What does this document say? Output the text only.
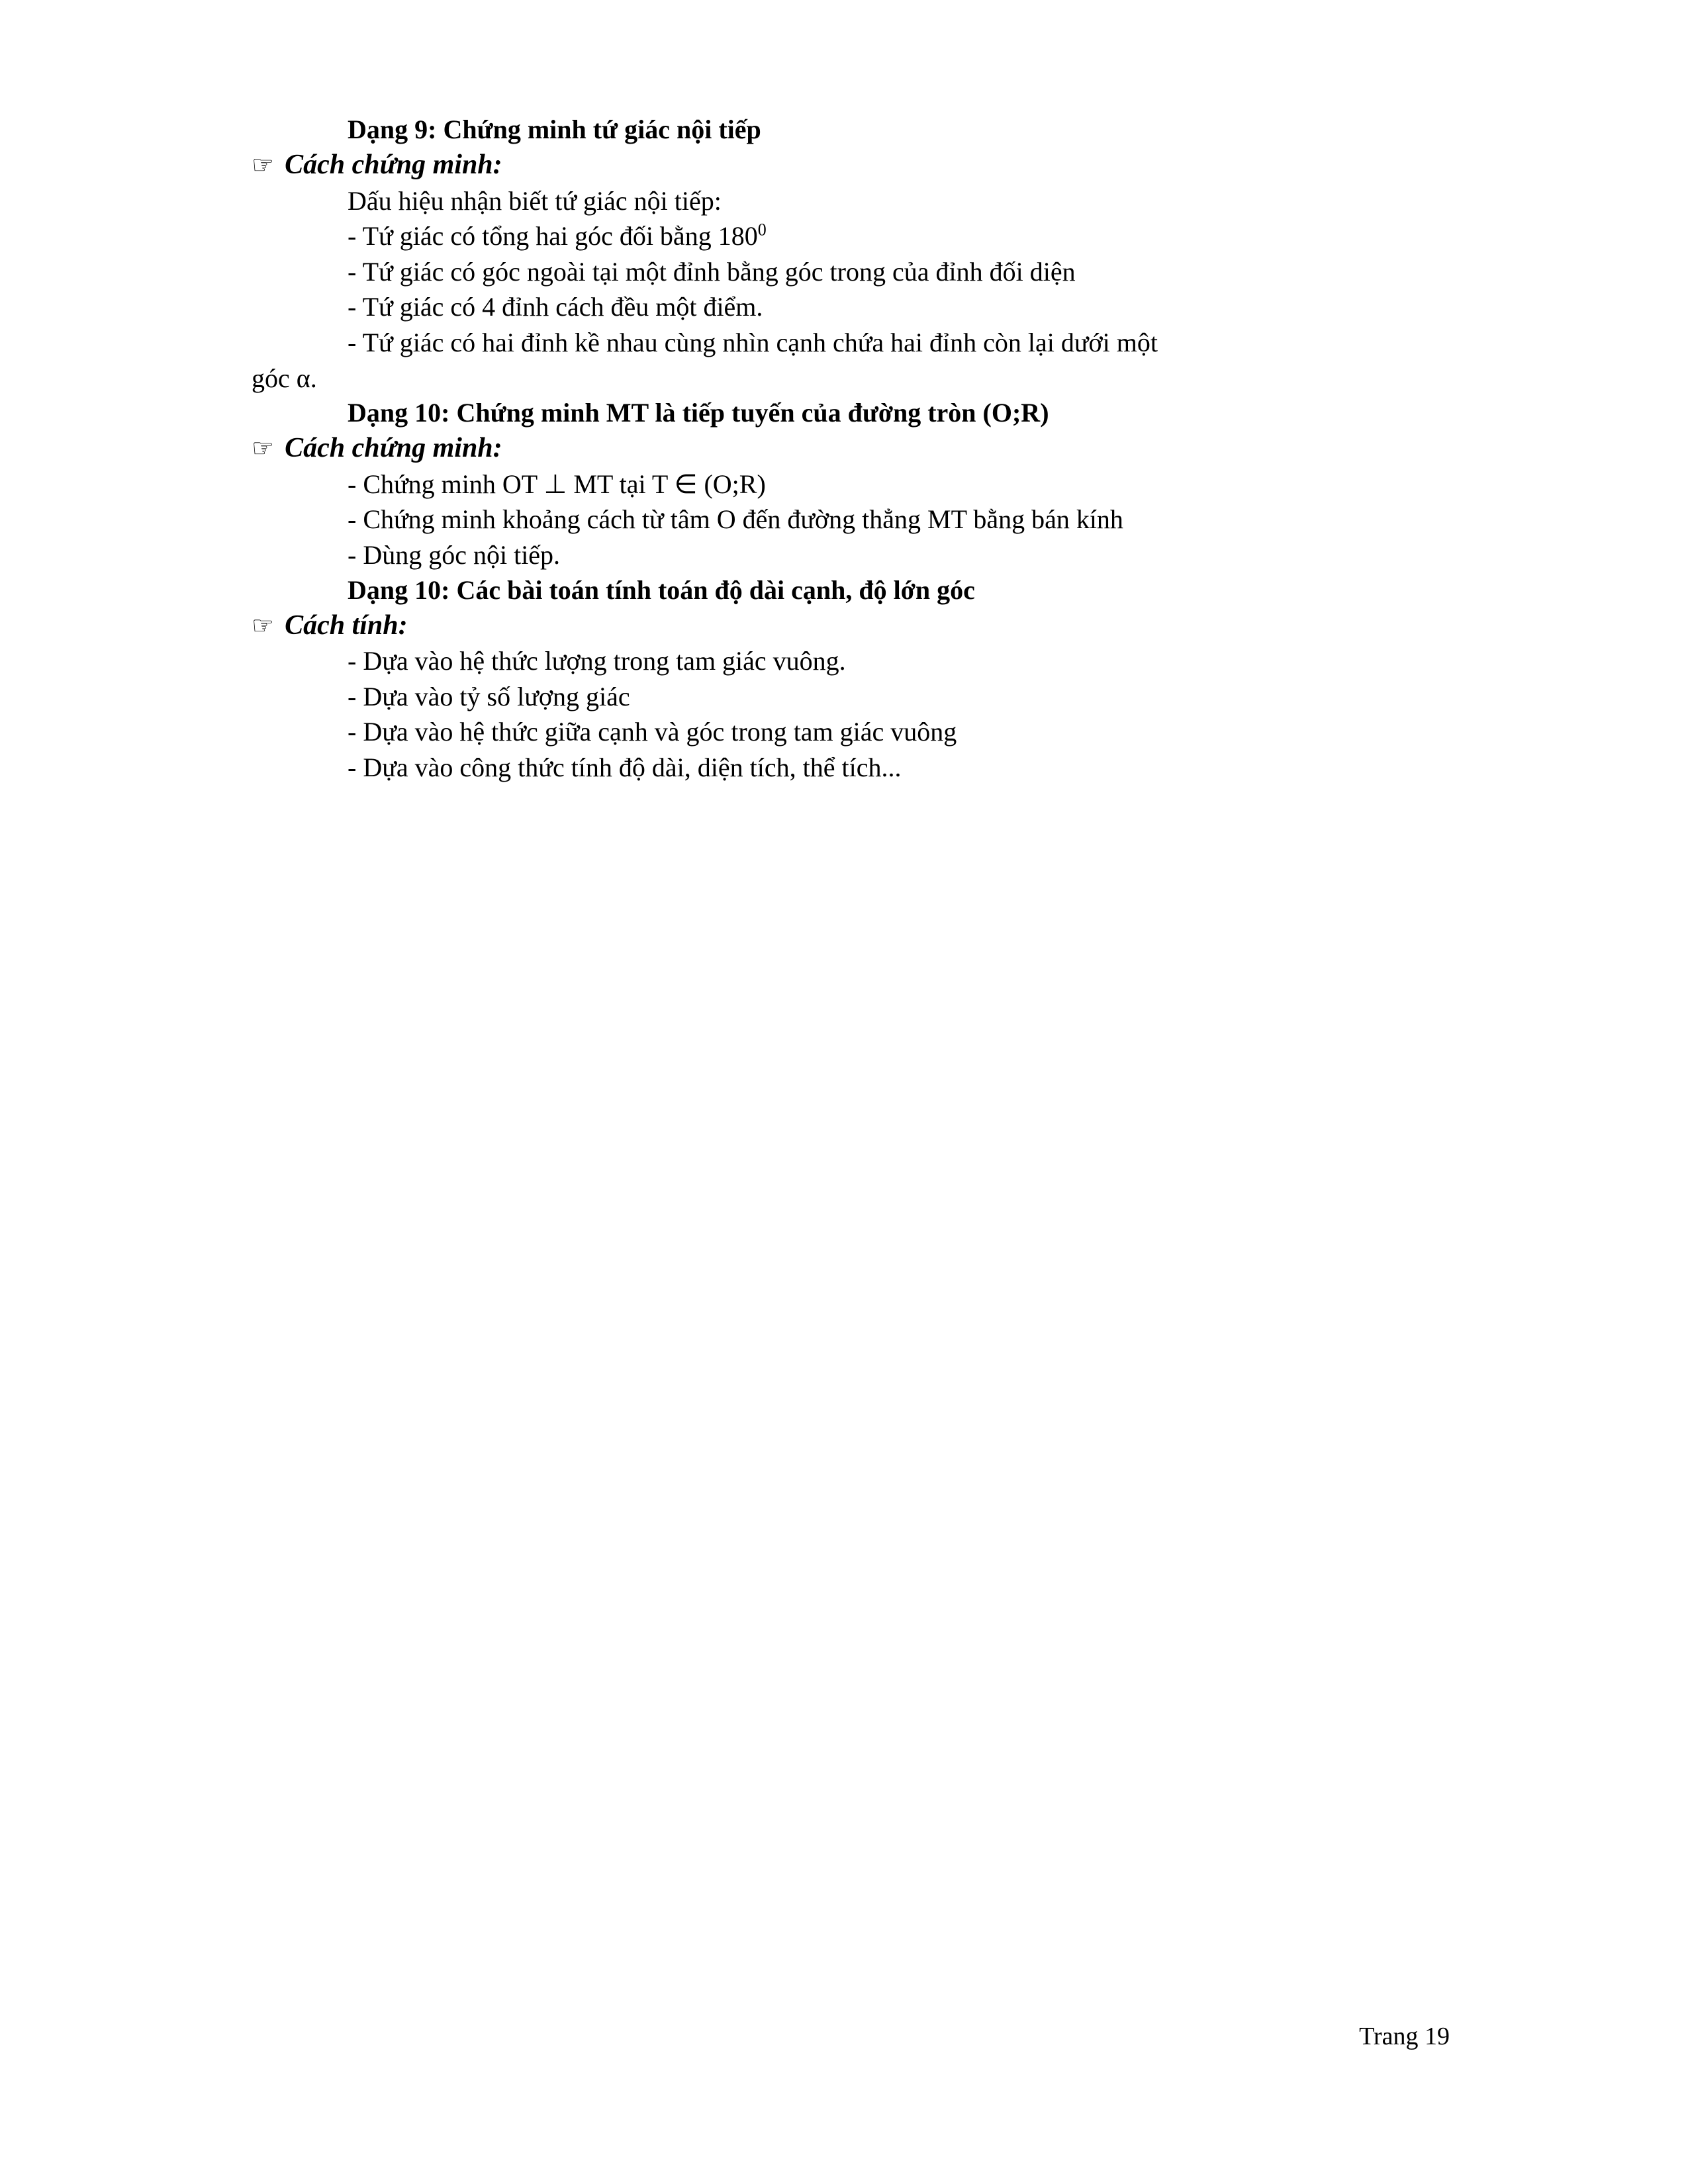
Dạng 9: Chứng minh tứ giác nội tiếp
☞ Cách chứng minh:
Dấu hiệu nhận biết tứ giác nội tiếp:
- Tứ giác có tổng hai góc đối bằng $180^0$
- Tứ giác có góc ngoài tại một đỉnh bằng góc trong của đỉnh đối diện
- Tứ giác có 4 đỉnh cách đều một điểm.
- Tứ giác có hai đỉnh kề nhau cùng nhìn cạnh chứa hai đỉnh còn lại dưới một
góc α.
Dạng 10: Chứng minh MT là tiếp tuyến của đường tròn (O;R)
☞ Cách chứng minh:
- Chứng minh OT ⊥ MT tại T ∈ (O;R)
- Chứng minh khoảng cách từ tâm O đến đường thẳng MT bằng bán kính
- Dùng góc nội tiếp.
Dạng 10: Các bài toán tính toán độ dài cạnh, độ lớn góc
☞ Cách tính:
- Dựa vào hệ thức lượng trong tam giác vuông.
- Dựa vào tỷ số lượng giác
- Dựa vào hệ thức giữa cạnh và góc trong tam giác vuông
- Dựa vào công thức tính độ dài, diện tích, thể tích...
Trang 19
